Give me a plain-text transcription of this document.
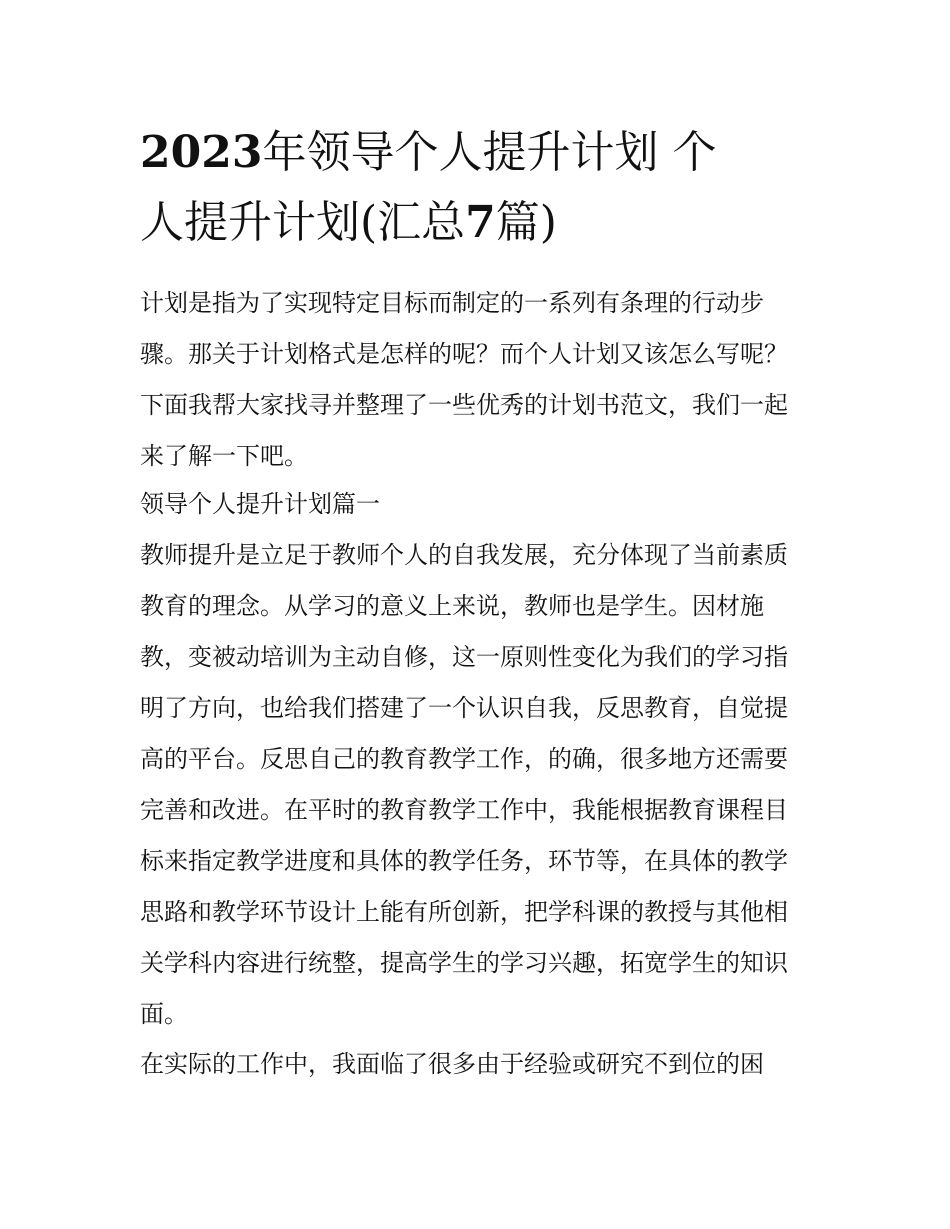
2023年领导个人提升计划 个
人提升计划(汇总7篇)
计划是指为了实现特定目标而制定的一系列有条理的行动步
骤。那关于计划格式是怎样的呢？而个人计划又该怎么写呢？
下面我帮大家找寻并整理了一些优秀的计划书范文，我们一起
来了解一下吧。
领导个人提升计划篇一
教师提升是立足于教师个人的自我发展，充分体现了当前素质
教育的理念。从学习的意义上来说，教师也是学生。因材施
教，变被动培训为主动自修，这一原则性变化为我们的学习指
明了方向，也给我们搭建了一个认识自我，反思教育，自觉提
高的平台。反思自己的教育教学工作，的确，很多地方还需要
完善和改进。在平时的教育教学工作中，我能根据教育课程目
标来指定教学进度和具体的教学任务，环节等，在具体的教学
思路和教学环节设计上能有所创新，把学科课的教授与其他相
关学科内容进行统整，提高学生的学习兴趣，拓宽学生的知识
面。
在实际的工作中，我面临了很多由于经验或研究不到位的困
